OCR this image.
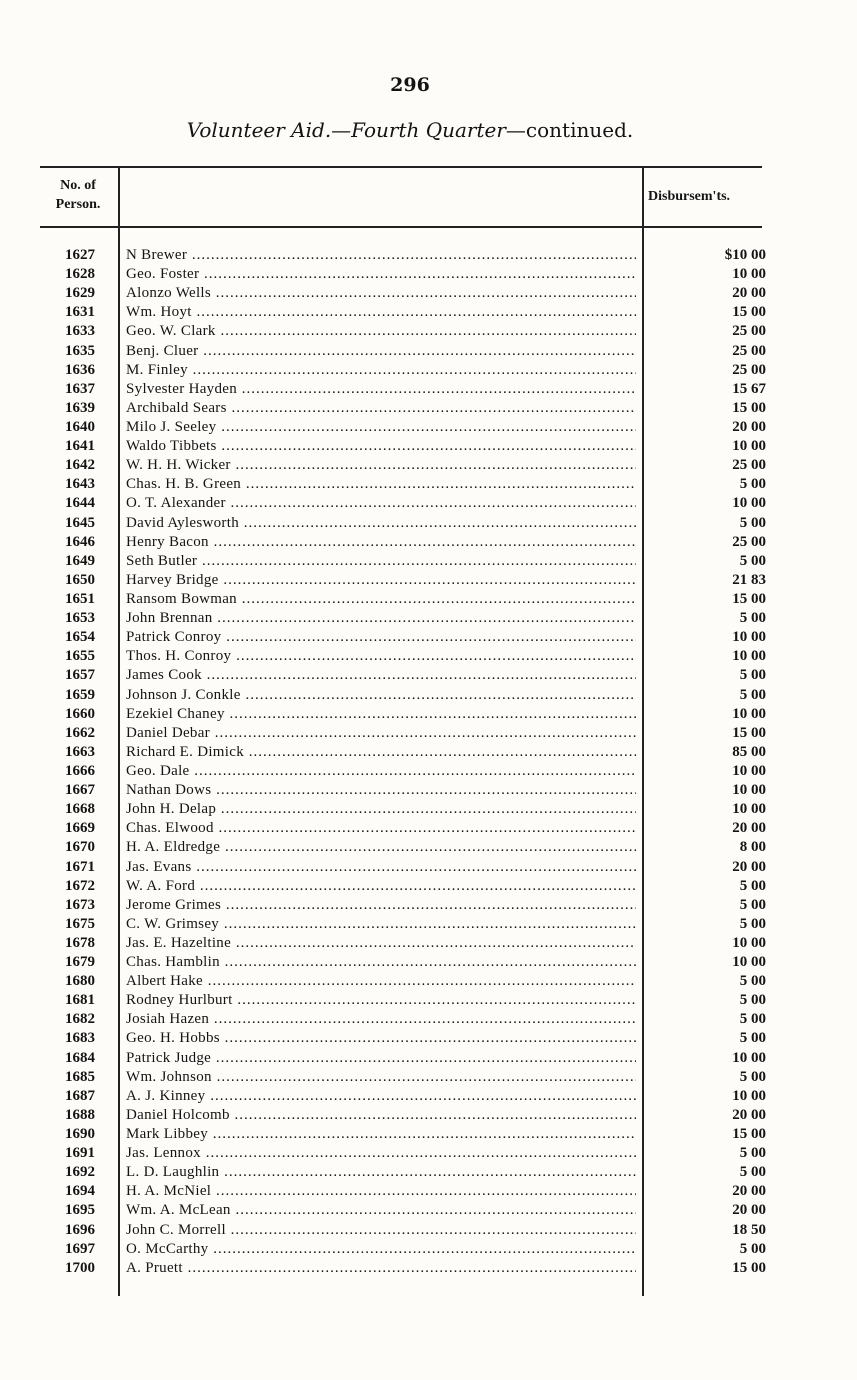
296
Volunteer Aid.—Fourth Quarter—continued.
No. of
Person.
Disbursem'ts.
1627 N Brewer .....	$10 00
1628 Geo. Foster .....	10 00
1629 Alonzo Wells .....	20 00
1631 Wm. Hoyt .....	15 00
1633 Geo. W. Clark .....	25 00
1635 Benj. Cluer .....	25 00
1636 M. Finley .....	25 00
1637 Sylvester Hayden .....	15 67
1639 Archibald Sears .....	15 00
1640 Milo J. Seeley .....	20 00
1641 Waldo Tibbets .....	10 00
1642 W. H. H. Wicker .....	25 00
1643 Chas. H. B. Green .....	5 00
1644 O. T. Alexander .....	10 00
1645 David Aylesworth .....	5 00
1646 Henry Bacon .....	25 00
1649 Seth Butler .....	5 00
1650 Harvey Bridge .....	21 83
1651 Ransom Bowman .....	15 00
1653 John Brennan .....	5 00
1654 Patrick Conroy .....	10 00
1655 Thos. H. Conroy .....	10 00
1657 James Cook .....	5 00
1659 Johnson J. Conkle .....	5 00
1660 Ezekiel Chaney .....	10 00
1662 Daniel Debar .....	15 00
1663 Richard E. Dimick .....	85 00
1666 Geo. Dale .....	10 00
1667 Nathan Dows .....	10 00
1668 John H. Delap .....	10 00
1669 Chas. Elwood .....	20 00
1670 H. A. Eldredge .....	8 00
1671 Jas. Evans .....	20 00
1672 W. A. Ford .....	5 00
1673 Jerome Grimes .....	5 00
1675 C. W. Grimsey .....	5 00
1678 Jas. E. Hazeltine .....	10 00
1679 Chas. Hamblin .....	10 00
1680 Albert Hake .....	5 00
1681 Rodney Hurlburt .....	5 00
1682 Josiah Hazen .....	5 00
1683 Geo. H. Hobbs .....	5 00
1684 Patrick Judge .....	10 00
1685 Wm. Johnson .....	5 00
1687 A. J. Kinney .....	10 00
1688 Daniel Holcomb .....	20 00
1690 Mark Libbey .....	15 00
1691 Jas. Lennox .....	5 00
1692 L. D. Laughlin .....	5 00
1694 H. A. McNiel .....	20 00
1695 Wm. A. McLean .....	20 00
1696 John C. Morrell .....	18 50
1697 O. McCarthy .....	5 00
1700 A. Pruett .....	15 00
